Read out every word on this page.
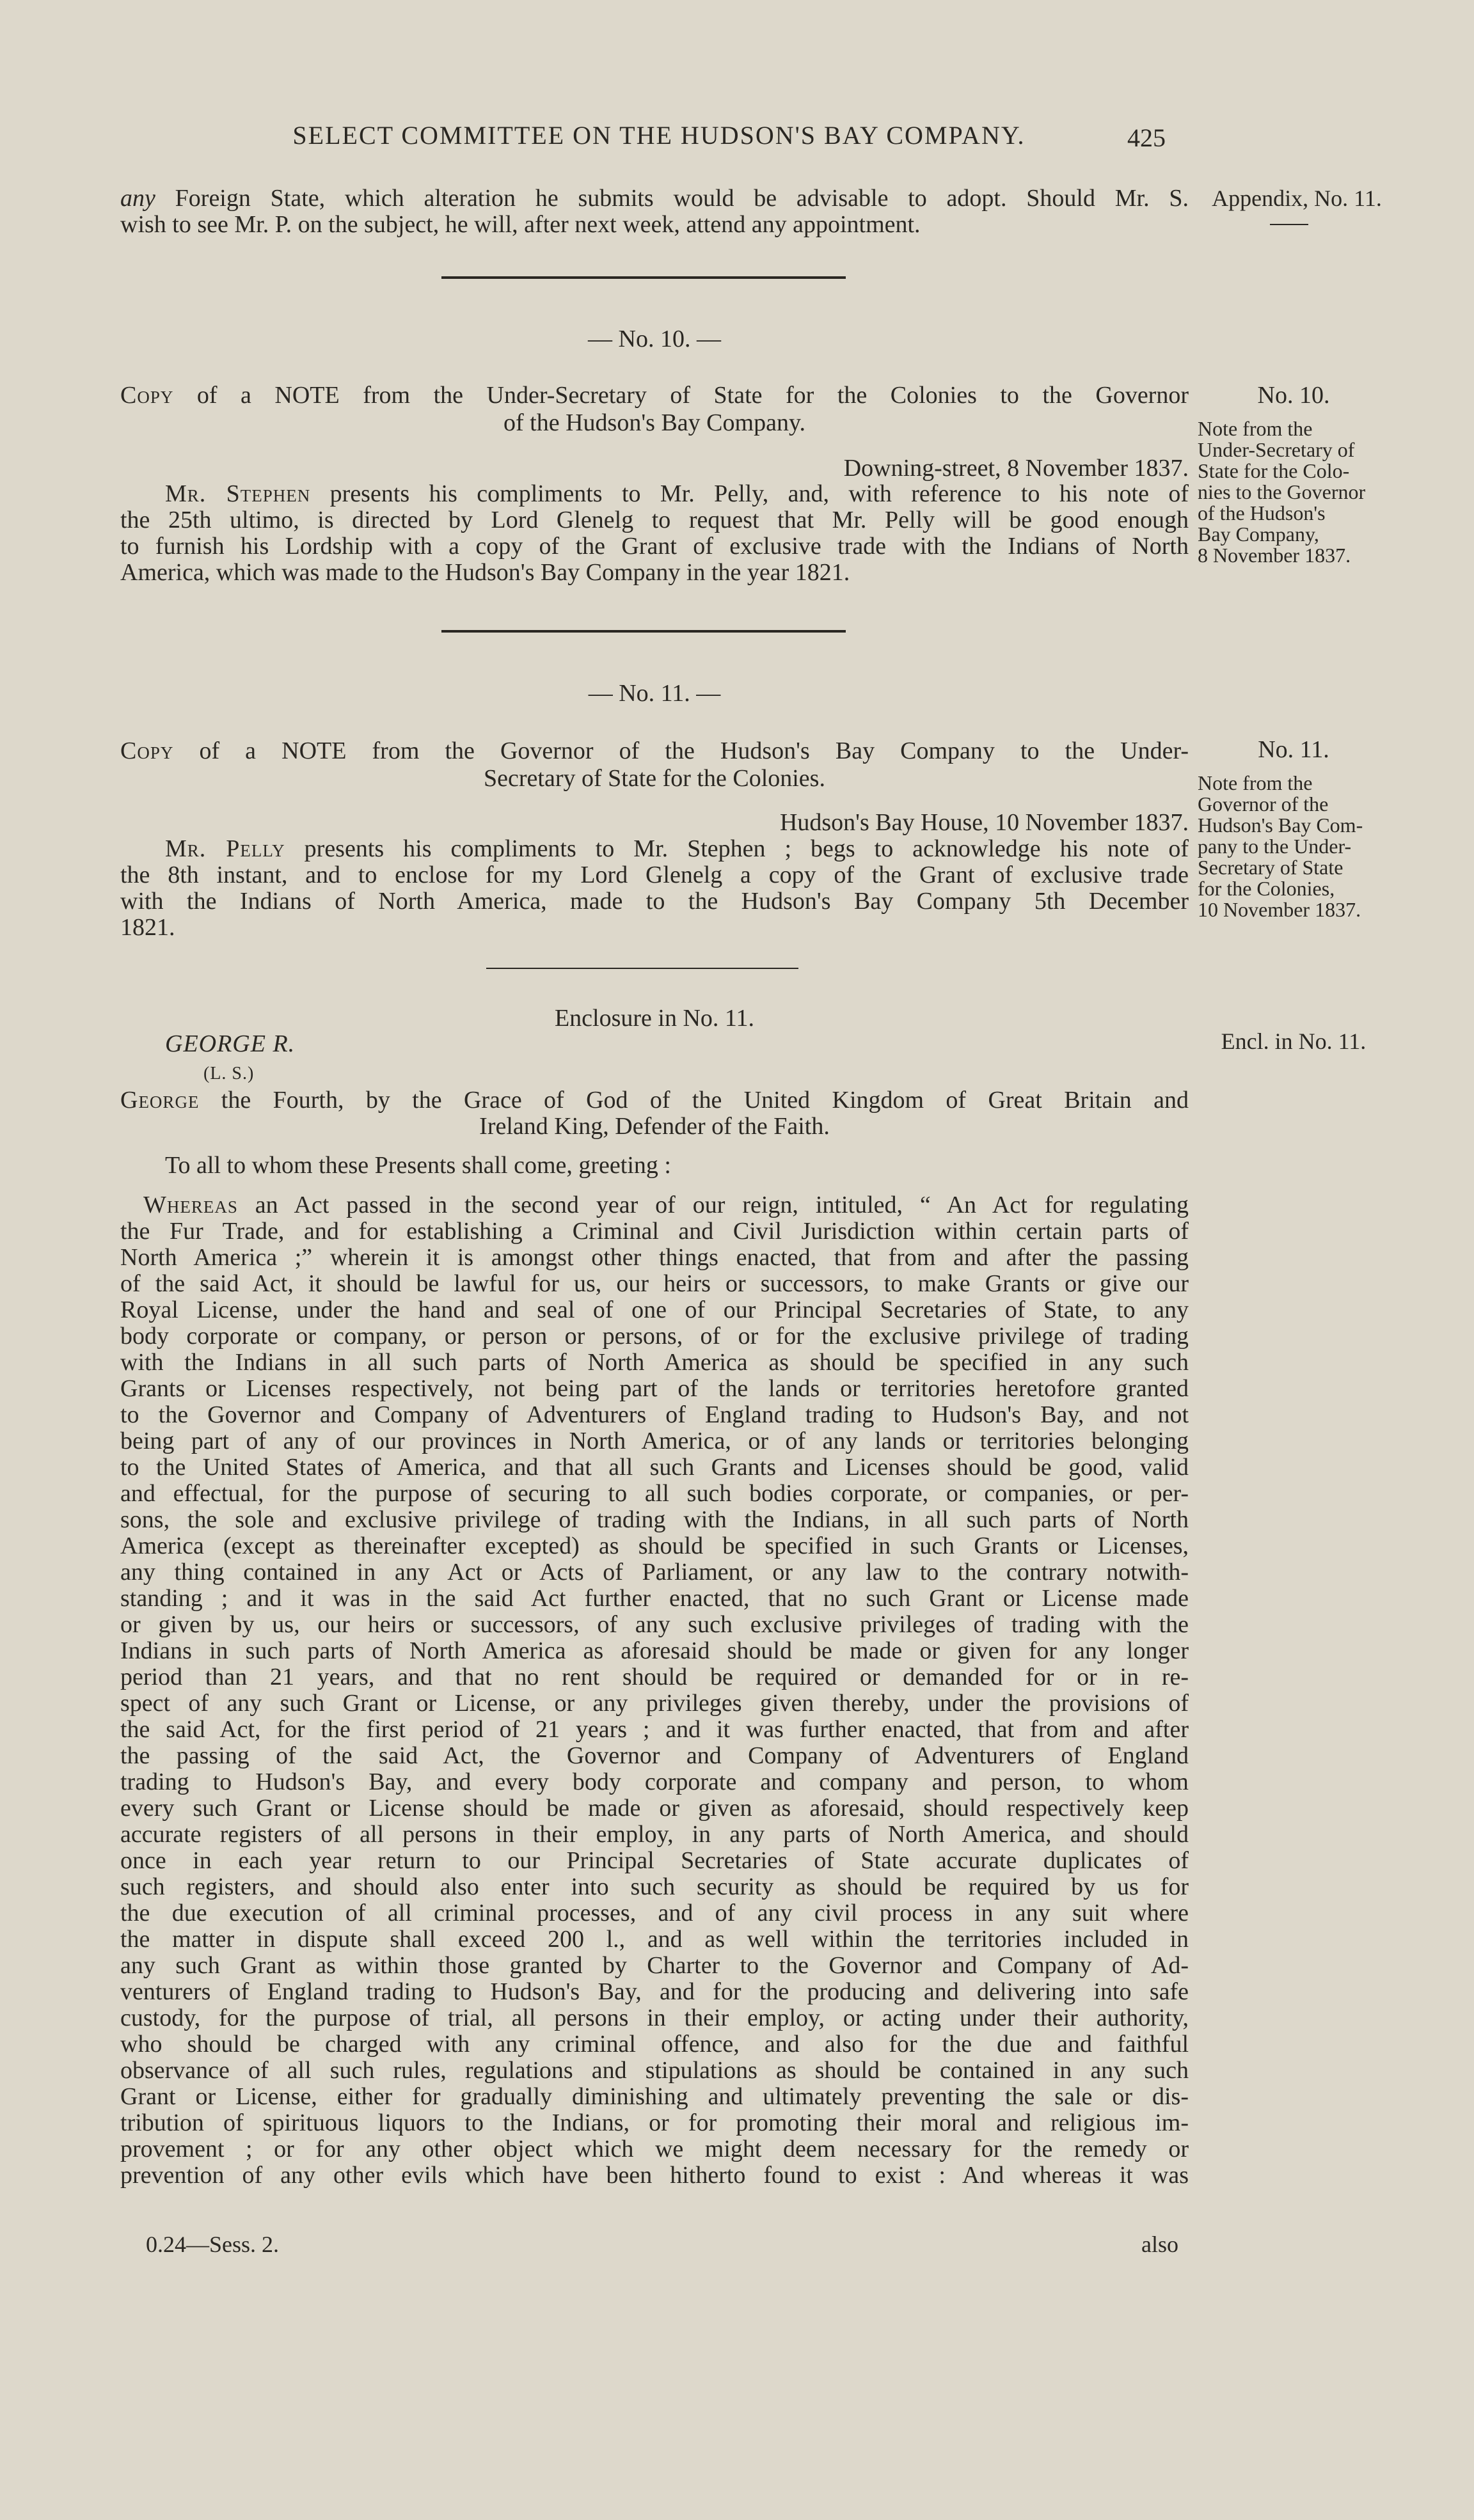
SELECT COMMITTEE ON THE HUDSON'S BAY COMPANY.	425
any Foreign State, which alteration he submits would be advisable to adopt. Should Mr. S.
wish to see Mr. P. on the subject, he will, after next week, attend any appointment.
Appendix, No. 11.
— No. 10. —
Copy of a NOTE from the Under-Secretary of State for the Colonies to the Governor
of the Hudson's Bay Company.
Downing-street, 8 November 1837.
Mr. Stephen presents his compliments to Mr. Pelly, and, with reference to his note of
the 25th ultimo, is directed by Lord Glenelg to request that Mr. Pelly will be good enough
to furnish his Lordship with a copy of the Grant of exclusive trade with the Indians of North
America, which was made to the Hudson's Bay Company in the year 1821.
No. 10.
Note from the
Under-Secretary of
State for the Colo-
nies to the Governor
of the Hudson's
Bay Company,
8 November 1837.
— No. 11. —
Copy of a NOTE from the Governor of the Hudson's Bay Company to the Under-
Secretary of State for the Colonies.
Hudson's Bay House, 10 November 1837.
Mr. Pelly presents his compliments to Mr. Stephen ; begs to acknowledge his note of
the 8th instant, and to enclose for my Lord Glenelg a copy of the Grant of exclusive trade
with the Indians of North America, made to the Hudson's Bay Company 5th December
1821.
No. 11.
Note from the
Governor of the
Hudson's Bay Com-
pany to the Under-
Secretary of State
for the Colonies,
10 November 1837.
Enclosure in No. 11.
Encl. in No. 11.
GEORGE R.
(L. S.)
George the Fourth, by the Grace of God of the United Kingdom of Great Britain and
Ireland King, Defender of the Faith.
To all to whom these Presents shall come, greeting :
Whereas an Act passed in the second year of our reign, intituled, “ An Act for regulating
the Fur Trade, and for establishing a Criminal and Civil Jurisdiction within certain parts of
North America ;” wherein it is amongst other things enacted, that from and after the passing
of the said Act, it should be lawful for us, our heirs or successors, to make Grants or give our
Royal License, under the hand and seal of one of our Principal Secretaries of State, to any
body corporate or company, or person or persons, of or for the exclusive privilege of trading
with the Indians in all such parts of North America as should be specified in any such
Grants or Licenses respectively, not being part of the lands or territories heretofore granted
to the Governor and Company of Adventurers of England trading to Hudson's Bay, and not
being part of any of our provinces in North America, or of any lands or territories belonging
to the United States of America, and that all such Grants and Licenses should be good, valid
and effectual, for the purpose of securing to all such bodies corporate, or companies, or per-
sons, the sole and exclusive privilege of trading with the Indians, in all such parts of North
America (except as thereinafter excepted) as should be specified in such Grants or Licenses,
any thing contained in any Act or Acts of Parliament, or any law to the contrary notwith-
standing ; and it was in the said Act further enacted, that no such Grant or License made
or given by us, our heirs or successors, of any such exclusive privileges of trading with the
Indians in such parts of North America as aforesaid should be made or given for any longer
period than 21 years, and that no rent should be required or demanded for or in re-
spect of any such Grant or License, or any privileges given thereby, under the provisions of
the said Act, for the first period of 21 years ; and it was further enacted, that from and after
the passing of the said Act, the Governor and Company of Adventurers of England
trading to Hudson's Bay, and every body corporate and company and person, to whom
every such Grant or License should be made or given as aforesaid, should respectively keep
accurate registers of all persons in their employ, in any parts of North America, and should
once in each year return to our Principal Secretaries of State accurate duplicates of
such registers, and should also enter into such security as should be required by us for
the due execution of all criminal processes, and of any civil process in any suit where
the matter in dispute shall exceed 200 l., and as well within the territories included in
any such Grant as within those granted by Charter to the Governor and Company of Ad-
venturers of England trading to Hudson's Bay, and for the producing and delivering into safe
custody, for the purpose of trial, all persons in their employ, or acting under their authority,
who should be charged with any criminal offence, and also for the due and faithful
observance of all such rules, regulations and stipulations as should be contained in any such
Grant or License, either for gradually diminishing and ultimately preventing the sale or dis-
tribution of spirituous liquors to the Indians, or for promoting their moral and religious im-
provement ; or for any other object which we might deem necessary for the remedy or
prevention of any other evils which have been hitherto found to exist : And whereas it was
0.24—Sess. 2.	also
